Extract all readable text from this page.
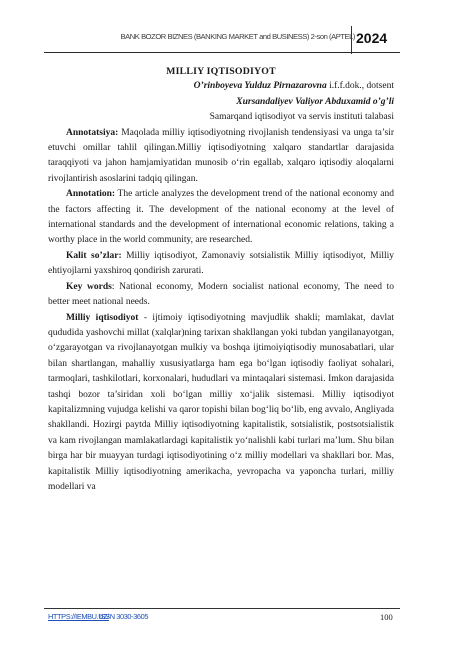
BANK BOZOR BIZNES (BANKING MARKET and BUSINESS) 2-son (APTEL) 2024
MILLIY IQTISODIYOT
O’rinboyeva Yulduz Pirnazarovna i.f.f.dok., dotsent
Xursandaliyev Valiyor Abduxamid o’g’li
Samarqand iqtisodiyot va servis instituti talabasi

Annotatsiya: Maqolada milliy iqtisodiyotning rivojlanish tendensiyasi va unga ta’sir etuvchi omillar tahlil qilingan.Milliy iqtisodiyotning xalqaro standartlar darajasida taraqqiyoti va jahon hamjamiyatidan munosib o‘rin egallab, xalqaro iqtisodiy aloqalarni rivojlantirish asoslarini tadqiq qilingan.

Annotation: The article analyzes the development trend of the national economy and the factors affecting it. The development of the national economy at the level of international standards and the development of international economic relations, taking a worthy place in the world community, are researched.

Kalit so’zlar: Milliy iqtisodiyot, Zamonaviy sotsialistik Milliy iqtisodiyot, Milliy ehtiyojlarni yaxshiroq qondirish zarurati.

Key words: National economy, Modern socialist national economy, The need to better meet national needs.

Milliy iqtisodiyot - ijtimoiy iqtisodiyotning mavjudlik shakli; mamlakat, davlat qududida yashovchi millat (xalqlar)ning tarixan shakllangan yoki tubdan yangilanayotgan, o‘zgarayotgan va rivojlanayotgan mulkiy va boshqa ijtimoiyiqtisodiy munosabatlari, ular bilan shartlangan, mahalliy xususiyatlarga ham ega bo‘lgan iqtisodiy faoliyat sohalari, tarmoqlari, tashkilotlari, korxonalari, hududlari va mintaqalari sistemasi. Imkon darajasida tashqi bozor ta’siridan xoli bo‘lgan milliy xo‘jalik sistemasi. Milliy iqtisodiyot kapitalizmning vujudga kelishi va qaror topishi bilan bog‘liq bo‘lib, eng avvalo, Angliyada shakllandi. Hozirgi paytda Milliy iqtisodiyotning kapitalistik, sotsialistik, postsotsialistik va kam rivojlangan mamlakatlardagi kapitalistik yo‘nalishli kabi turlari ma’lum. Shu bilan birga har bir muayyan turdagi iqtisodiyotining o‘z milliy modellari va shakllari bor. Mas, kapitalistik Milliy iqtisodiyotning amerikacha, yevropacha va yaponcha turlari, milliy modellari va

HTTPS://IEMBU.UZ/
ISSN 3030-3605	100
